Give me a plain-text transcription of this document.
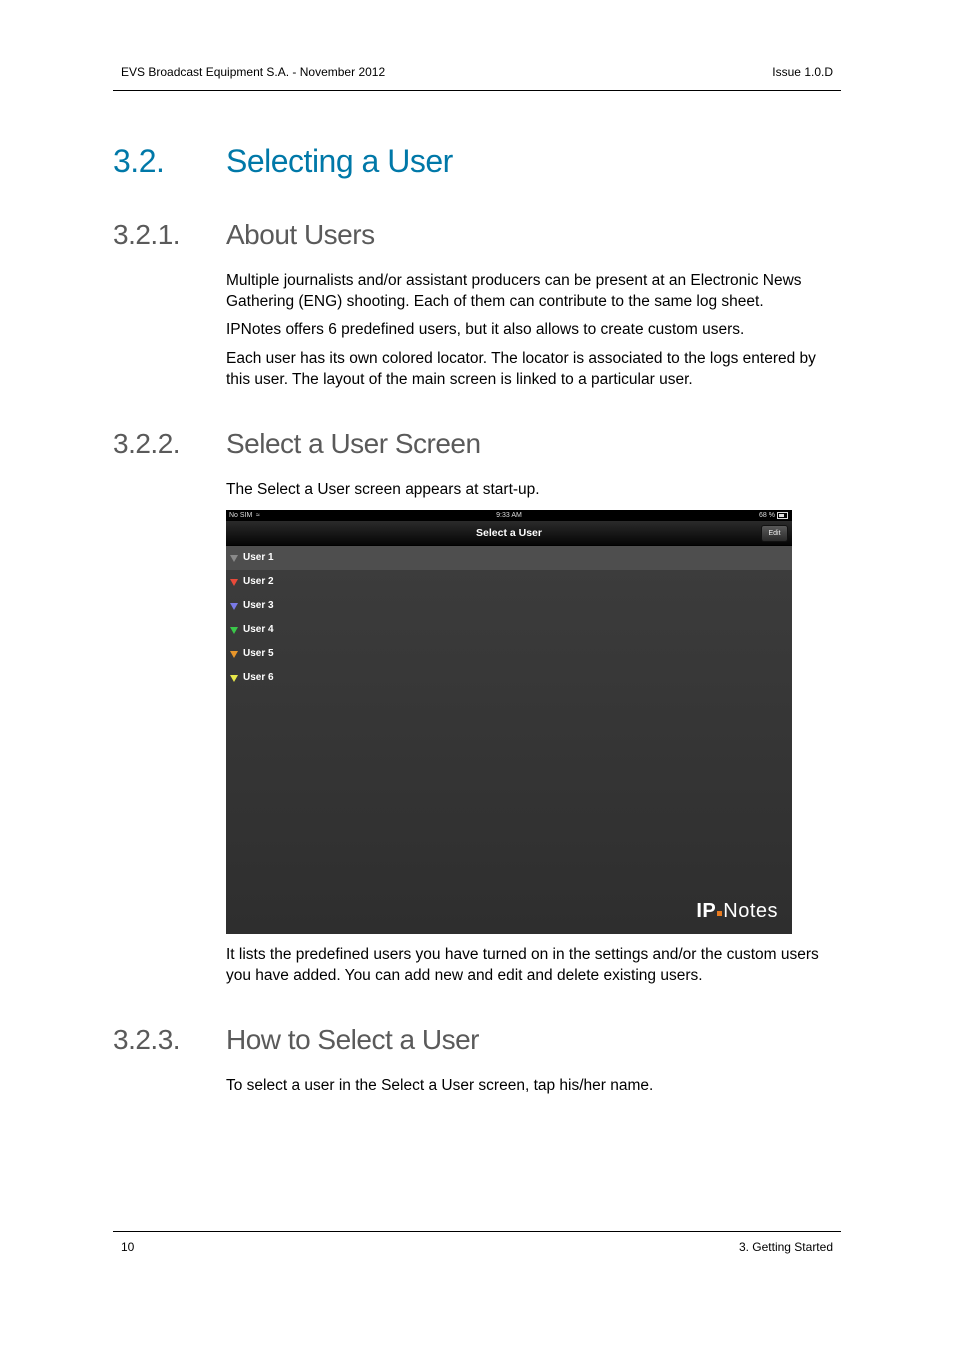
EVS Broadcast Equipment S.A. - November 2012	Issue 1.0.D
3.2. Selecting a User
3.2.1. About Users
Multiple journalists and/or assistant producers can be present at an Electronic News Gathering (ENG) shooting. Each of them can contribute to the same log sheet.
IPNotes offers 6 predefined users, but it also allows to create custom users.
Each user has its own colored locator. The locator is associated to the logs entered by this user. The layout of the main screen is linked to a particular user.
3.2.2. Select a User Screen
The Select a User screen appears at start-up.
No SIM ≈	9:33 AM	68 %
Select a User	Edit
User 1
User 2
User 3
User 4
User 5
User 6
IP Notes
It lists the predefined users you have turned on in the settings and/or the custom users you have added. You can add new and edit and delete existing users.
3.2.3. How to Select a User
To select a user in the Select a User screen, tap his/her name.
10	3. Getting Started
